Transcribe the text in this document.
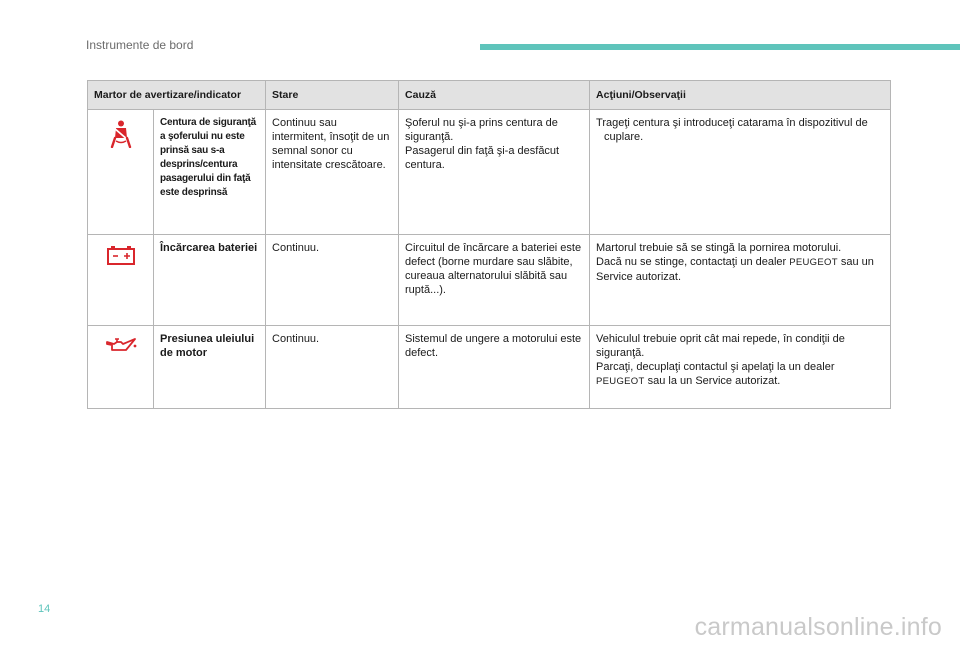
Instrumente de bord
Martor de avertizare/indicator		Stare	Cauză	Acţiuni/Observaţii
	Centura de siguranţă a şoferului nu este prinsă sau s-a desprins/centura pasagerului din faţă este desprinsă	Continuu sau intermitent, însoţit de un semnal sonor cu intensitate crescătoare.	Şoferul nu şi-a prins centura de siguranţă.
Pasagerul din faţă şi-a desfăcut centura.	Trageţi centura şi introduceţi catarama în dispozitivul de cuplare.

	Încărcarea bateriei	Continuu.	Circuitul de încărcare a bateriei este defect (borne murdare sau slăbite, cureaua alternatorului slăbită sau ruptă...).	Martorul trebuie să se stingă la pornirea motorului.
Dacă nu se stinge, contactaţi un dealer PEUGEOT sau un Service autorizat.

	Presiunea uleiului de motor	Continuu.	Sistemul de ungere a motorului este defect.	Vehiculul trebuie oprit cât mai repede, în condiţii de siguranţă.
Parcaţi, decuplaţi contactul şi apelaţi la un dealer
PEUGEOT sau la un Service autorizat.
14
carmanualsonline.info
